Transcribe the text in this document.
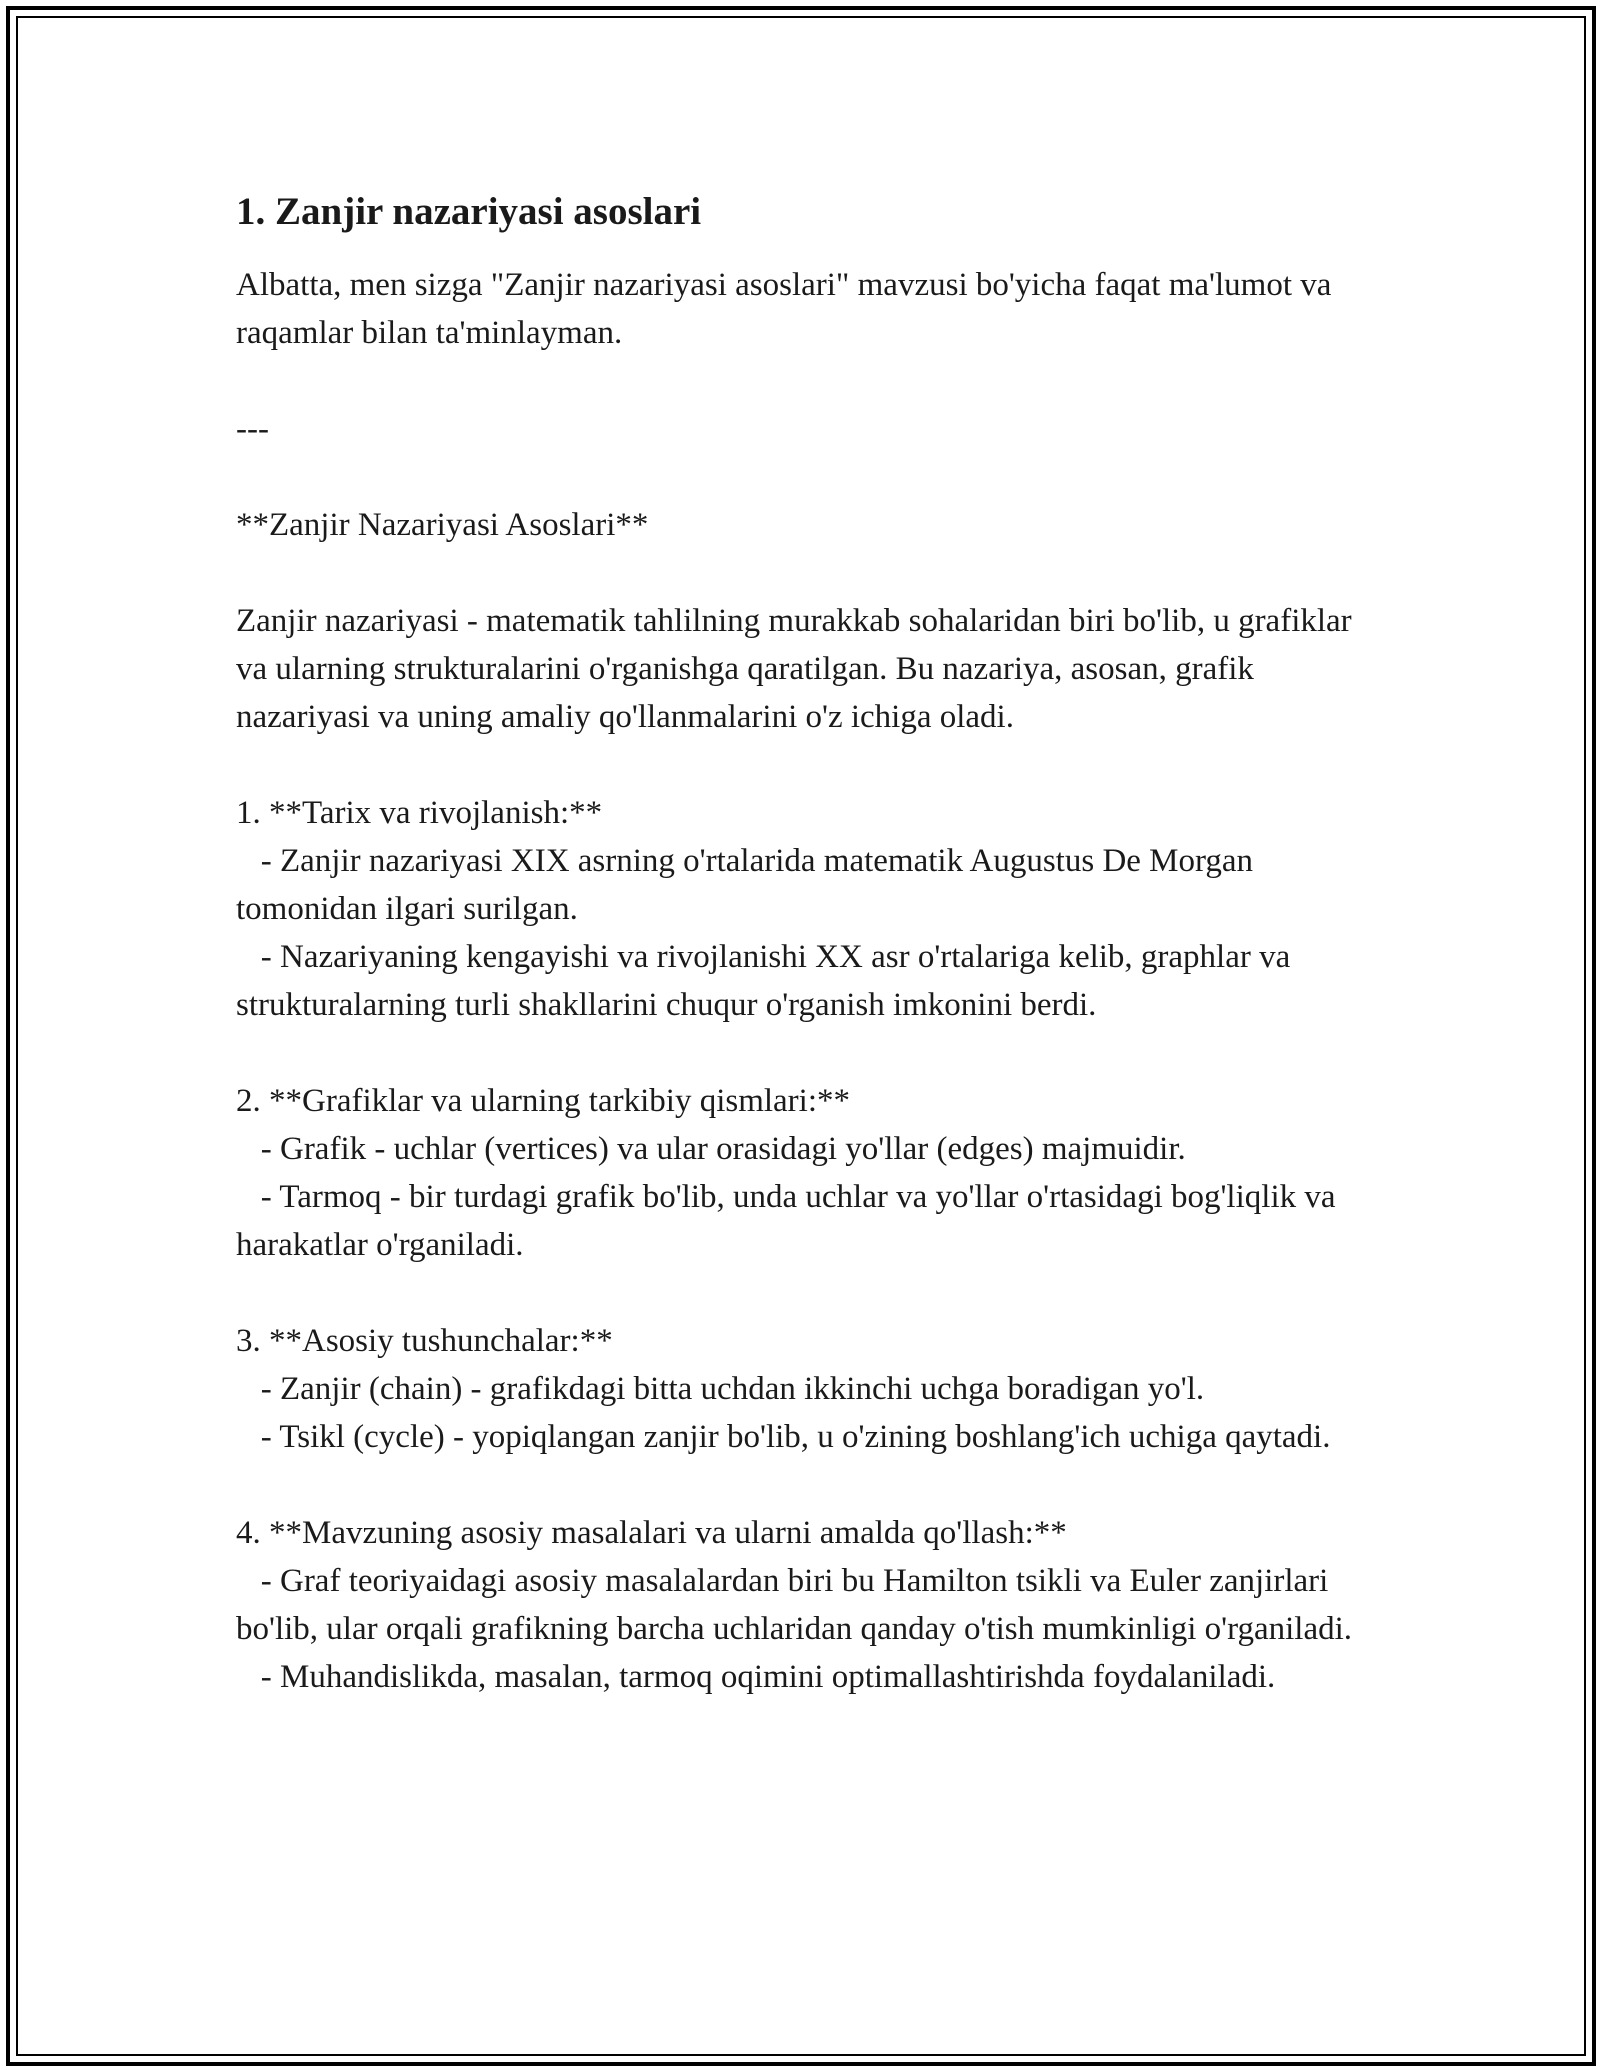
1. Zanjir nazariyasi asoslari

Albatta, men sizga "Zanjir nazariyasi asoslari" mavzusi bo'yicha faqat ma'lumot va raqamlar bilan ta'minlayman.

---

**Zanjir Nazariyasi Asoslari**

Zanjir nazariyasi - matematik tahlilning murakkab sohalaridan biri bo'lib, u grafiklar va ularning strukturalarini o'rganishga qaratilgan. Bu nazariya, asosan, grafik nazariyasi va uning amaliy qo'llanmalarini o'z ichiga oladi.

1. **Tarix va rivojlanish:**

- Zanjir nazariyasi XIX asrning o'rtalarida matematik Augustus De Morgan tomonidan ilgari surilgan.

- Nazariyaning kengayishi va rivojlanishi XX asr o'rtalariga kelib, graphlar va strukturalarning turli shakllarini chuqur o'rganish imkonini berdi.

2. **Grafiklar va ularning tarkibiy qismlari:**

- Grafik - uchlar (vertices) va ular orasidagi yo'llar (edges) majmuidir.

- Tarmoq - bir turdagi grafik bo'lib, unda uchlar va yo'llar o'rtasidagi bog'liqlik va harakatlar o'rganiladi.

3. **Asosiy tushunchalar:**

- Zanjir (chain) - grafikdagi bitta uchdan ikkinchi uchga boradigan yo'l.

- Tsikl (cycle) - yopiqlangan zanjir bo'lib, u o'zining boshlang'ich uchiga qaytadi.

4. **Mavzuning asosiy masalalari va ularni amalda qo'llash:**

- Graf teoriyaidagi asosiy masalalardan biri bu Hamilton tsikli va Euler zanjirlari bo'lib, ular orqali grafikning barcha uchlaridan qanday o'tish mumkinligi o'rganiladi.

- Muhandislikda, masalan, tarmoq oqimini optimallashtirishda foydalaniladi.
